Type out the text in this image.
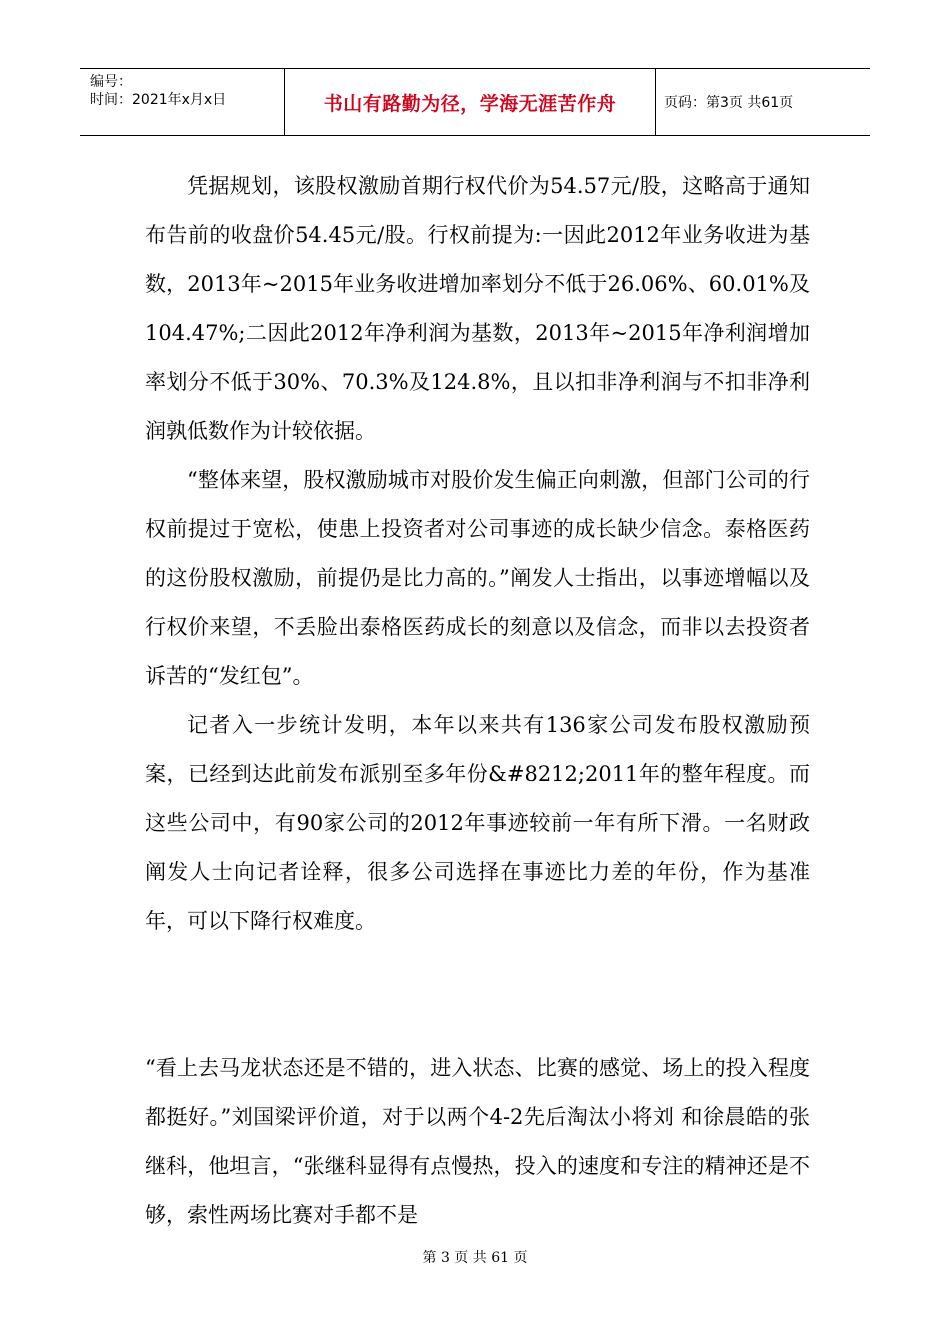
编号：
时间：2021年x月x日	书山有路勤为径，学海无涯苦作舟	页码：第3页 共61页

凭据规划，该股权激励首期行权代价为54.57元/股，这略高于通知布告前的收盘价54.45元/股。行权前提为:一因此2012年业务收进为基数，2013年~2015年业务收进增加率划分不低于26.06%、60.01%及104.47%;二因此2012年净利润为基数，2013年~2015年净利润增加率划分不低于30%、70.3%及124.8%，且以扣非净利润与不扣非净利润孰低数作为计较依据。

“整体来望，股权激励城市对股价发生偏正向刺激，但部门公司的行权前提过于宽松，使患上投资者对公司事迹的成长缺少信念。泰格医药的这份股权激励，前提仍是比力高的。”阐发人士指出，以事迹增幅以及行权价来望，不丢脸出泰格医药成长的刻意以及信念，而非以去投资者诉苦的“发红包”。

记者入一步统计发明，本年以来共有136家公司发布股权激励预案，已经到达此前发布派别至多年份&#8212;2011年的整年程度。而这些公司中，有90家公司的2012年事迹较前一年有所下滑。一名财政阐发人士向记者诠释，很多公司选择在事迹比力差的年份，作为基准年，可以下降行权难度。

“看上去马龙状态还是不错的，进入状态、比赛的感觉、场上的投入程度都挺好。”刘国梁评价道，对于以两个4-2先后淘汰小将刘 和徐晨皓的张继科，他坦言，“张继科显得有点慢热，投入的速度和专注的精神还是不够，索性两场比赛对手都不是

第 3 页 共 61 页
